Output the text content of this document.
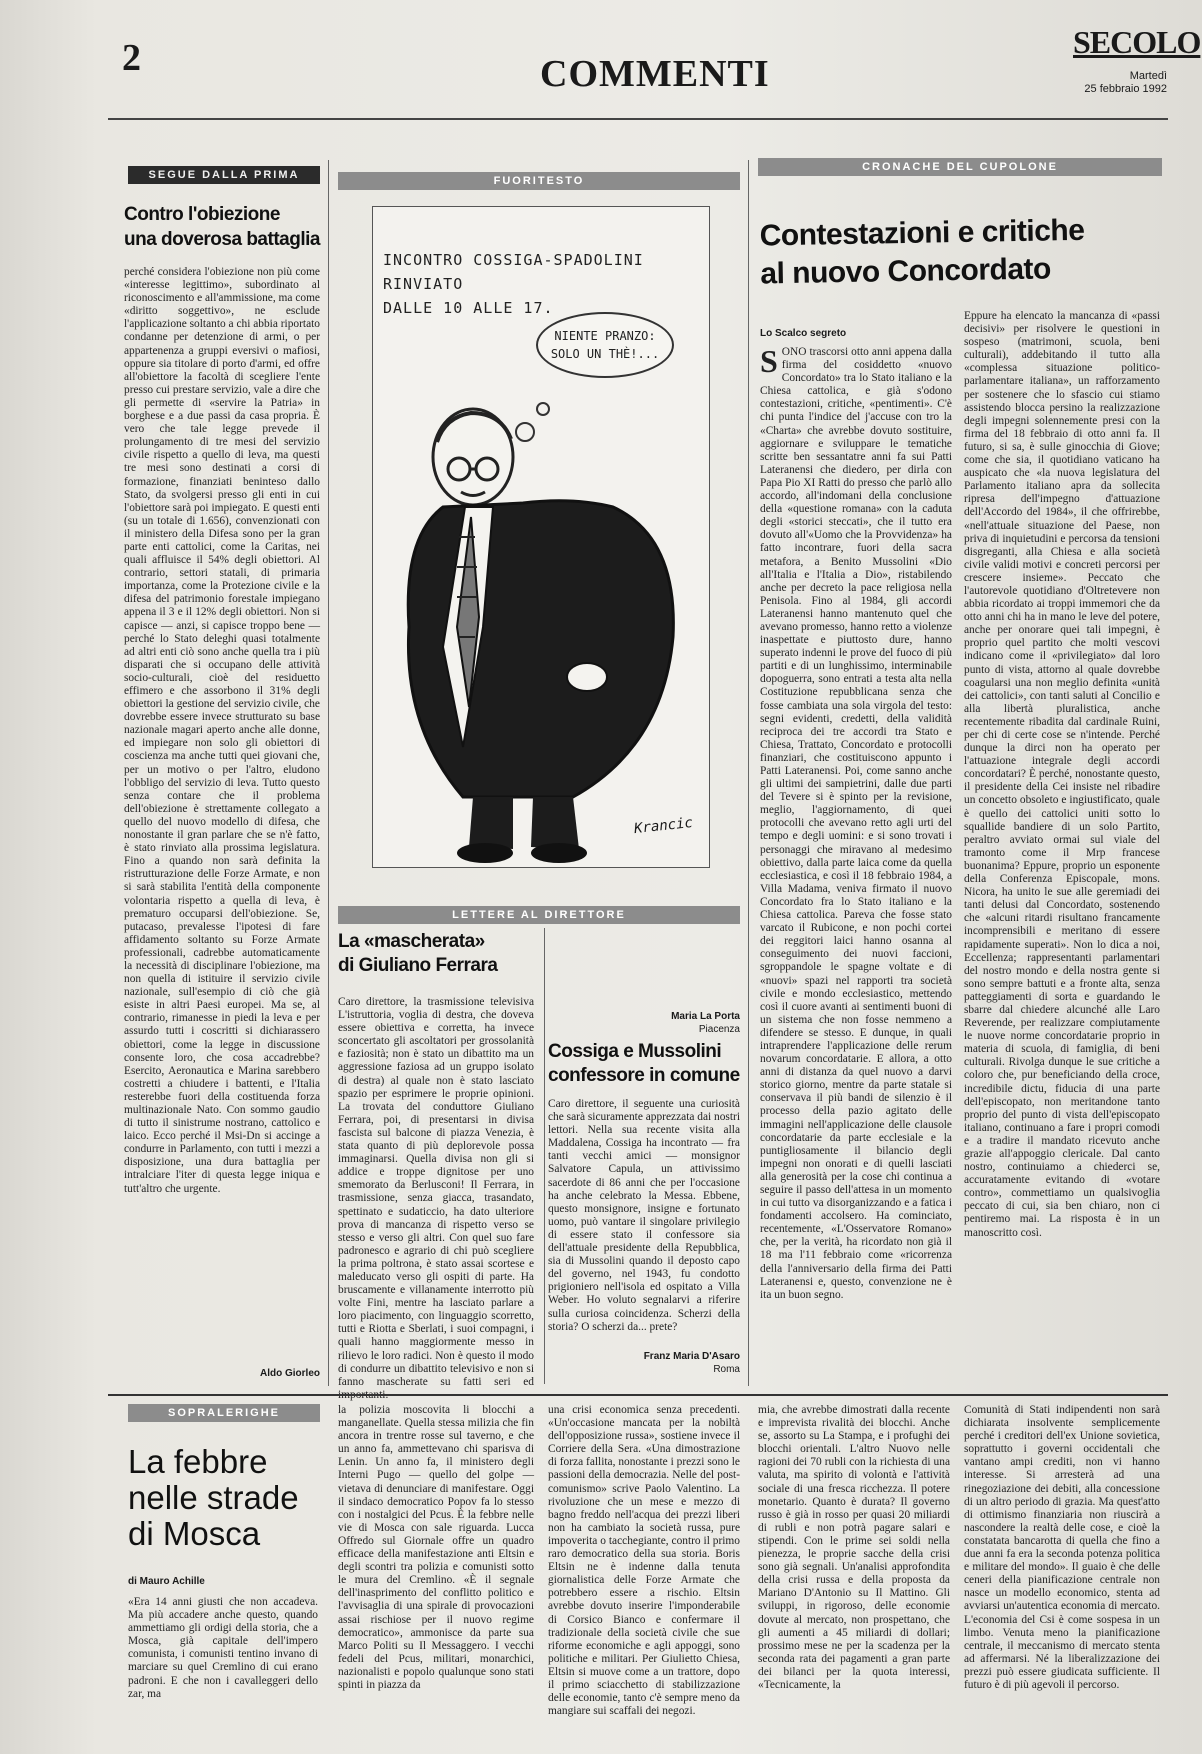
2	COMMENTI
SECOLO
Martedì
25 febbraio 1992
SEGUE DALLA PRIMA
Contro l'obiezione
una doverosa battaglia
perché considera l'obiezione non più come «interesse legittimo», subordinato al riconoscimento e all'ammissione, ma come «diritto soggettivo», ne esclude l'applicazione soltanto a chi abbia riportato condanne per detenzione di armi, o per appartenenza a gruppi eversivi o mafiosi, oppure sia titolare di porto d'armi, ed offre all'obiettore la facoltà di scegliere l'ente presso cui prestare servizio, vale a dire che gli permette di «servire la Patria» in borghese e a due passi da casa propria. È vero che tale legge prevede il prolungamento di tre mesi del servizio civile rispetto a quello di leva, ma questi tre mesi sono destinati a corsi di formazione, finanziati beninteso dallo Stato, da svolgersi presso gli enti in cui l'obiettore sarà poi impiegato. E questi enti (su un totale di 1.656), convenzionati con il ministero della Difesa sono per la gran parte enti cattolici, come la Caritas, nei quali affluisce il 54% degli obiettori. Al contrario, settori statali, di primaria importanza, come la Protezione civile e la difesa del patrimonio forestale impiegano appena il 3 e il 12% degli obiettori. Non si capisce — anzi, si capisce troppo bene — perché lo Stato deleghi quasi totalmente ad altri enti ciò sono anche quella tra i più disparati che si occupano delle attività socio-culturali, cioè del residuetto effimero e che assorbono il 31% degli obiettori la gestione del servizio civile, che dovrebbe essere invece strutturato su base nazionale magari aperto anche alle donne, ed impiegare non solo gli obiettori di coscienza ma anche tutti quei giovani che, per un motivo o per l'altro, eludono l'obbligo del servizio di leva. Tutto questo senza contare che il problema dell'obiezione è strettamente collegato a quello del nuovo modello di difesa, che nonostante il gran parlare che se n'è fatto, è stato rinviato alla prossima legislatura. Fino a quando non sarà definita la ristrutturazione delle Forze Armate, e non si sarà stabilita l'entità della componente volontaria rispetto a quella di leva, è prematuro occuparsi dell'obiezione. Se, putacaso, prevalesse l'ipotesi di fare affidamento soltanto su Forze Armate professionali, cadrebbe automaticamente la necessità di disciplinare l'obiezione, ma non quella di istituire il servizio civile nazionale, sull'esempio di ciò che già esiste in altri Paesi europei. Ma se, al contrario, rimanesse in piedi la leva e per assurdo tutti i coscritti si dichiarassero obiettori, come la legge in discussione consente loro, che cosa accadrebbe? Esercito, Aeronautica e Marina sarebbero costretti a chiudere i battenti, e l'Italia resterebbe fuori della costituenda forza multinazionale Nato. Con sommo gaudio di tutto il sinistrume nostrano, cattolico e laico. Ecco perché il Msi-Dn si accinge a condurre in Parlamento, con tutti i mezzi a disposizione, una dura battaglia per intralciare l'iter di questa legge iniqua e tutt'altro che urgente.
Aldo Giorleo
FUORITESTO
INCONTRO COSSIGA-SPADOLINI RINVIATO
DALLE 10 ALLE 17.
NIENTE PRANZO:
SOLO UN THÈ!...
Krancic
LETTERE AL DIRETTORE
La «mascherata»
di Giuliano Ferrara
Caro direttore, la trasmissione televisiva L'istruttoria, voglia di destra, che doveva essere obiettiva e corretta, ha invece sconcertato gli ascoltatori per grossolanità e faziosità; non è stato un dibattito ma un aggressione faziosa ad un gruppo isolato di destra) al quale non è stato lasciato spazio per esprimere le proprie opinioni. La trovata del conduttore Giuliano Ferrara, poi, di presentarsi in divisa fascista sul balcone di piazza Venezia, è stata quanto di più deplorevole possa immaginarsi. Quella divisa non gli si addice e troppe dignitose per uno smemorato da Berlusconi! Il Ferrara, in trasmissione, senza giacca, trasandato, spettinato e sudaticcio, ha dato ulteriore prova di mancanza di rispetto verso se stesso e verso gli altri. Con quel suo fare padronesco e agrario di chi può scegliere la prima poltrona, è stato assai scortese e maleducato verso gli ospiti di parte. Ha bruscamente e villanamente interrotto più volte Fini, mentre ha lasciato parlare a loro piacimento, con linguaggio scorretto, tutti e Riotta e Sberlati, i suoi compagni, i quali hanno maggiormente messo in rilievo le loro radici. Non è questo il modo di condurre un dibattito televisivo e non si fanno mascherate su fatti seri ed
Maria La Porta
Piacenza
Cossiga e Mussolini
confessore in comune
Caro direttore, il seguente una curiosità che sarà sicuramente apprezzata dai nostri lettori. Nella sua recente visita alla Maddalena, Cossiga ha incontrato — fra tanti vecchi amici — monsignor Salvatore Capula, un attivissimo sacerdote di 86 anni che per l'occasione ha anche celebrato la Messa. Ebbene, questo monsignore, insigne e fortunato uomo, può vantare il singolare privilegio di essere stato il confessore sia dell'attuale presidente della Repubblica, sia di Mussolini quando il deposto capo del governo, nel 1943, fu condotto prigioniero nell'isola ed ospitato a Villa Weber. Ho voluto segnalarvi a riferire sulla curiosa coincidenza. Scherzi della storia? O scherzi da... prete?
Franz Maria D'Asaro
Roma
CRONACHE DEL CUPOLONE
Contestazioni e critiche
al nuovo Concordato
Lo Scalco segreto
SONO trascorsi otto anni appena dalla firma del cosiddetto «nuovo Concordato» tra lo Stato italiano e la Chiesa cattolica, e già s'odono contestazioni, critiche, «pentimenti». C'è chi punta l'indice del j'accuse con tro la «Charta» che avrebbe dovuto sostituire, aggiornare e sviluppare le tematiche scritte ben sessantatre anni fa sui Patti Lateranensi che diedero, per dirla con Papa Pio XI Ratti do presso che parlò allo accordo, all'indomani della conclusione della «questione romana» con la caduta degli «storici steccati», che il tutto era dovuto all'«Uomo che la Provvidenza» ha fatto incontrare, fuori della sacra metafora, a Benito Mussolini «Dio all'Italia e l'Italia a Dio», ristabilendo anche per decreto la pace religiosa nella Penisola. Fino al 1984, gli accordi Lateranensi hanno mantenuto quel che avevano promesso, hanno retto a violenze inaspettate e piuttosto dure, hanno superato indenni le prove del fuoco di più partiti e di un lunghissimo, interminabile dopoguerra, sono entrati a testa alta nella Costituzione repubblicana senza che fosse cambiata una sola virgola del testo: segni evidenti, credetti, della validità reciproca dei tre accordi tra Stato e Chiesa, Trattato, Concordato e protocolli finanziari, che costituiscono appunto i Patti Lateranensi. Poi, come sanno anche gli ultimi dei sampietrini, dalle due parti del Tevere si è spinto per la revisione, meglio, l'aggiornamento, di quei protocolli che avevano retto agli urti del tempo e degli uomini: e si sono trovati i personaggi che miravano al medesimo obiettivo, dalla parte laica come da quella ecclesiastica, e così il 18 febbraio 1984, a Villa Madama, veniva firmato il nuovo Concordato fra lo Stato italiano e la Chiesa cattolica. Pareva che fosse stato varcato il Rubicone, e non pochi cortei dei reggitori laici hanno osanna al conseguimento dei nuovi faccioni, sgroppandole le spagne voltate e di «nuovi» spazi nel rapporti tra società civile e mondo ecclesiastico, mettendo così il cuore avanti ai sentimenti buoni di un sistema che non fosse nemmeno a difendere se stesso. E dunque, in quali intraprendere l'applicazione delle rerum novarum concordatarie. E allora, a otto anni di distanza da quel nuovo a darvi storico giorno, mentre da parte statale si conservava il più bandi de silenzio è il processo della pazio agitato delle immagini nell'applicazione delle clausole concordatarie da parte ecclesiale e la puntigliosamente il bilancio degli impegni non onorati e di quelli lasciati alla generosità per la cose chi continua a seguire il passo dell'attesa in un momento in cui tutto va disorganizzando e a fatica i fondamenti accolsero. Ha cominciato, recentemente, «L'Osservatore Romano» che, per la verità, ha ricordato non già il 18 ma l'11 febbraio come «ricorrenza della l'anniversario della firma dei Patti Lateranensi e, questo, convenzione ne è ita un buon segno.
Eppure ha elencato la mancanza di «passi decisivi» per risolvere le questioni in sospeso (matrimoni, scuola, beni culturali), addebitando il tutto alla «complessa situazione politico-parlamentare italiana», un rafforzamento per sostenere che lo sfascio cui stiamo assistendo blocca persino la realizzazione degli impegni solennemente presi con la firma del 18 febbraio di otto anni fa. Il futuro, si sa, è sulle ginocchia di Giove; come che sia, il quotidiano vaticano ha auspicato che «la nuova legislatura del Parlamento italiano apra da sollecita ripresa dell'impegno d'attuazione dell'Accordo del 1984», il che offrirebbe, «nell'attuale situazione del Paese, non priva di inquietudini e percorsa da tensioni disgreganti, alla Chiesa e alla società civile validi motivi e concreti percorsi per crescere insieme». Peccato che l'autorevole quotidiano d'Oltretevere non abbia ricordato ai troppi immemori che da otto anni chi ha in mano le leve del potere, anche per onorare quei tali impegni, è proprio quel partito che molti vescovi indicano come il «privilegiato» dal loro punto di vista, attorno al quale dovrebbe coagularsi una non meglio definita «unità dei cattolici», con tanti saluti al Concilio e alla libertà pluralistica, anche recentemente ribadita dal cardinale Ruini, per chi di certe cose se n'intende. Perché dunque la dirci non ha operato per l'attuazione integrale degli accordi concordatari? È perché, nonostante questo, il presidente della Cei insiste nel ribadire un concetto obsoleto e ingiustificato, quale è quello dei cattolici uniti sotto lo squallide bandiere di un solo Partito, peraltro avviato ormai sul viale del tramonto come il Mrp francese buonanima? Eppure, proprio un esponente della Conferenza Episcopale, mons. Nicora, ha unito le sue alle geremiadi dei tanti delusi dal Concordato, sostenendo che «alcuni ritardi risultano francamente incomprensibili e meritano di essere rapidamente superati». Non lo dica a noi, Eccellenza; rappresentanti parlamentari del nostro mondo e della nostra gente si sono sempre battuti e a fronte alta, senza patteggiamenti di sorta e guardando le sbarre dal chiedere alcunché alle Laro Reverende, per realizzare compiutamente le nuove norme concordatarie proprio in materia di scuola, di famiglia, di beni culturali. Rivolga dunque le sue critiche a coloro che, pur beneficiando della croce, incredibile dictu, fiducia di una parte dell'episcopato, non meritandone tanto proprio del punto di vista dell'episcopato italiano, continuano a fare i propri comodi e a tradire il mandato ricevuto anche grazie all'appoggio clericale. Dal canto nostro, continuiamo a chiederci se, accuratamente evitando di «votare contro», commettiamo un qualsivoglia peccato di cui, sia ben chiaro, non ci pentiremo mai. La risposta è in un manoscritto così.
SOPRALERIGHE
La febbre
nelle strade
di Mosca
di Mauro Achille
«Era 14 anni giusti che non accadeva. Ma più accadere anche questo, quando ammettiamo gli ordigi della storia, che a Mosca, già capitale dell'impero comunista, i comunisti tentino invano di marciare su quel Cremlino di cui erano padroni. E che non i cavalleggeri dello zar, ma
la polizia moscovita li blocchi a manganellate. Quella stessa milizia che fin ancora in trentre rosse sul taverno, e che un anno fa, ammettevano chi sparisva di Lenin. Un anno fa, il ministero degli Interni Pugo — quello del golpe — vietava di denunciare di manifestare. Oggi il sindaco democratico Popov fa lo stesso con i nostalgici del Pcus. È la febbre nelle vie di Mosca con sale riguarda. Lucca Offredo sul Giornale offre un quadro efficace della manifestazione anti Eltsin e degli scontri tra polizia e comunisti sotto le mura del Cremlino. «È il segnale dell'inasprimento del conflitto politico e l'avvisaglia di una spirale di provocazioni assai rischiose per il nuovo regime democratico», ammonisce da parte sua Marco Politi su Il Messaggero. I vecchi fedeli del Pcus, militari, monarchici, nazionalisti e popolo qualunque sono stati spinti in piazza da
una crisi economica senza precedenti. «Un'occasione mancata per la nobiltà dell'opposizione russa», sostiene invece il Corriere della Sera. «Una dimostrazione di forza fallita, nonostante i prezzi sono le passioni della democrazia. Nelle del post-comunismo» scrive Paolo Valentino. La rivoluzione che un mese e mezzo di bagno freddo nell'acqua dei prezzi liberi non ha cambiato la società russa, pure impoverita o tacchegiante, contro il primo raro democratico della sua storia. Boris Eltsin ne è indenne dalla tenuta giornalistica delle Forze Armate che potrebbero essere a rischio. Eltsin avrebbe dovuto inserire l'imponderabile di Corsico Bianco e confermare il tradizionale della società civile che sue riforme economiche e agli appoggi, sono politiche e militari. Per Giulietto Chiesa, Eltsin si muove come a un trattore, dopo il primo sciacchetto di stabilizzazione delle economie, tanto c'è sempre meno da mangiare sui scaffali dei negozi.
mia, che avrebbe dimostrati dalla recente e imprevista rivalità dei blocchi. Anche se, assorto su La Stampa, e i profughi dei blocchi orientali. L'altro Nuovo nelle ragioni dei 70 rubli con la richiesta di una valuta, ma spirito di volontà e l'attività sociale di una fresca ricchezza. Il potere monetario. Quanto è durata? Il governo russo è già in rosso per quasi 20 miliardi di rubli e non potrà pagare salari e stipendi. Con le prime sei soldi nella pienezza, le proprie sacche della crisi sono già segnali. Un'analisi approfondita della crisi russa e della proposta da Mariano D'Antonio su Il Mattino. Gli sviluppi, in rigoroso, delle economie dovute al mercato, non prospettano, che gli aumenti a 45 miliardi di dollari; prossimo mese ne per la scadenza per la seconda rata dei pagamenti a gran parte dei bilanci per la quota interessi, «Tecnicamente, la
Comunità di Stati indipendenti non sarà dichiarata insolvente semplicemente perché i creditori dell'ex Unione sovietica, soprattutto i governi occidentali che vantano ampi crediti, non vi hanno interesse. Si arresterà ad una rinegoziazione dei debiti, alla concessione di un altro periodo di grazia. Ma quest'atto di ottimismo finanziaria non riuscirà a nascondere la realtà delle cose, e cioè la constatata bancarotta di quella che fino a due anni fa era la seconda potenza politica e militare del mondo». Il guaio è che delle ceneri della pianificazione centrale non nasce un modello economico, stenta ad avviarsi un'autentica economia di mercato. L'economia del Csi è come sospesa in un limbo. Venuta meno la pianificazione centrale, il meccanismo di mercato stenta ad affermarsi. Né la liberalizzazione dei prezzi può essere giudicata sufficiente. Il futuro è di più agevoli il percorso.
